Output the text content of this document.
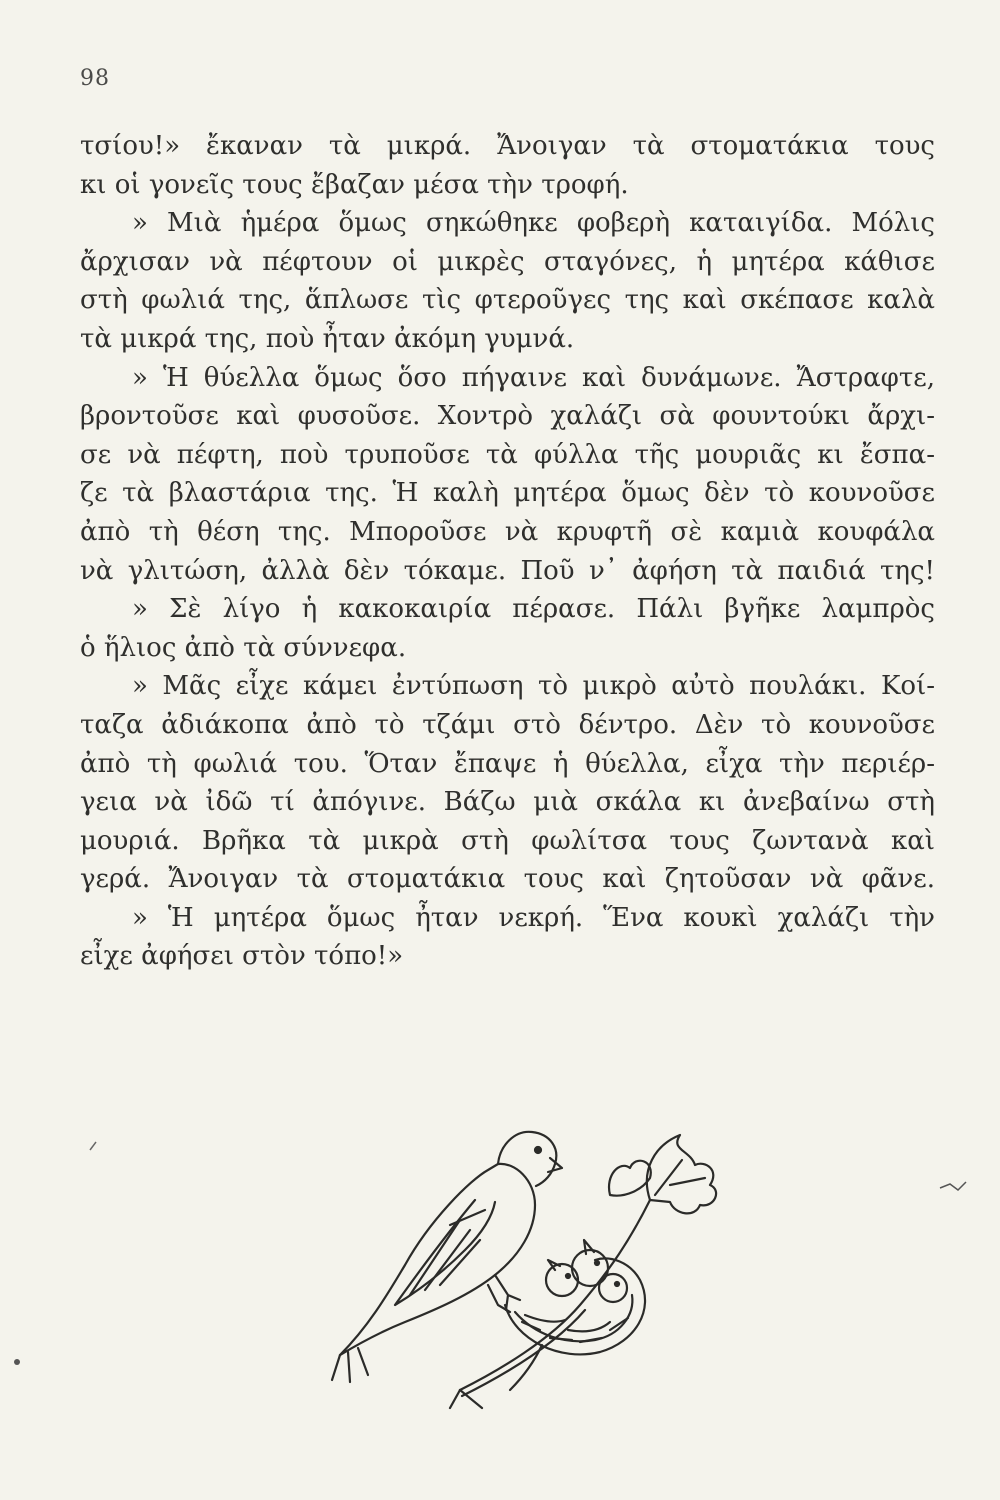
98
τσίου!» ἔκαναν τὰ μικρά. Ἄνοιγαν τὰ στοματάκια τους
κι οἱ γονεῖς τους ἔβαζαν μέσα τὴν τροφή.
» Μιὰ ἡμέρα ὅμως σηκώθηκε φοβερὴ καταιγίδα. Μόλις
ἄρχισαν νὰ πέφτουν οἱ μικρὲς σταγόνες, ἡ μητέρα κάθισε
στὴ φωλιά της, ἅπλωσε τὶς φτεροῦγες της καὶ σκέπασε καλὰ
τὰ μικρά της, ποὺ ἦταν ἀκόμη γυμνά.
» Ἡ θύελλα ὅμως ὅσο πήγαινε καὶ δυνάμωνε. Ἄστραφτε,
βροντοῦσε καὶ φυσοῦσε. Χοντρὸ χαλάζι σὰ φουντούκι ἄρχι-
σε νὰ πέφτη, ποὺ τρυποῦσε τὰ φύλλα τῆς μουριᾶς κι ἔσπα-
ζε τὰ βλαστάρια της. Ἡ καλὴ μητέρα ὅμως δὲν τὸ κουνοῦσε
ἀπὸ τὴ θέση της. Μποροῦσε νὰ κρυφτῆ σὲ καμιὰ κουφάλα
νὰ γλιτώση, ἀλλὰ δὲν τόκαμε. Ποῦ ν᾿ ἀφήση τὰ παιδιά της!
» Σὲ λίγο ἡ κακοκαιρία πέρασε. Πάλι βγῆκε λαμπρὸς
ὁ ἥλιος ἀπὸ τὰ σύννεφα.
» Μᾶς εἶχε κάμει ἐντύπωση τὸ μικρὸ αὐτὸ πουλάκι. Κοί-
ταζα ἀδιάκοπα ἀπὸ τὸ τζάμι στὸ δέντρο. Δὲν τὸ κουνοῦσε
ἀπὸ τὴ φωλιά του. Ὅταν ἔπαψε ἡ θύελλα, εἶχα τὴν περιέρ-
γεια νὰ ἰδῶ τί ἀπόγινε. Βάζω μιὰ σκάλα κι ἀνεβαίνω στὴ
μουριά. Βρῆκα τὰ μικρὰ στὴ φωλίτσα τους ζωντανὰ καὶ
γερά. Ἄνοιγαν τὰ στοματάκια τους καὶ ζητοῦσαν νὰ φᾶνε.
» Ἡ μητέρα ὅμως ἦταν νεκρή. Ἕνα κουκὶ χαλάζι τὴν
εἶχε ἀφήσει στὸν τόπο!»
